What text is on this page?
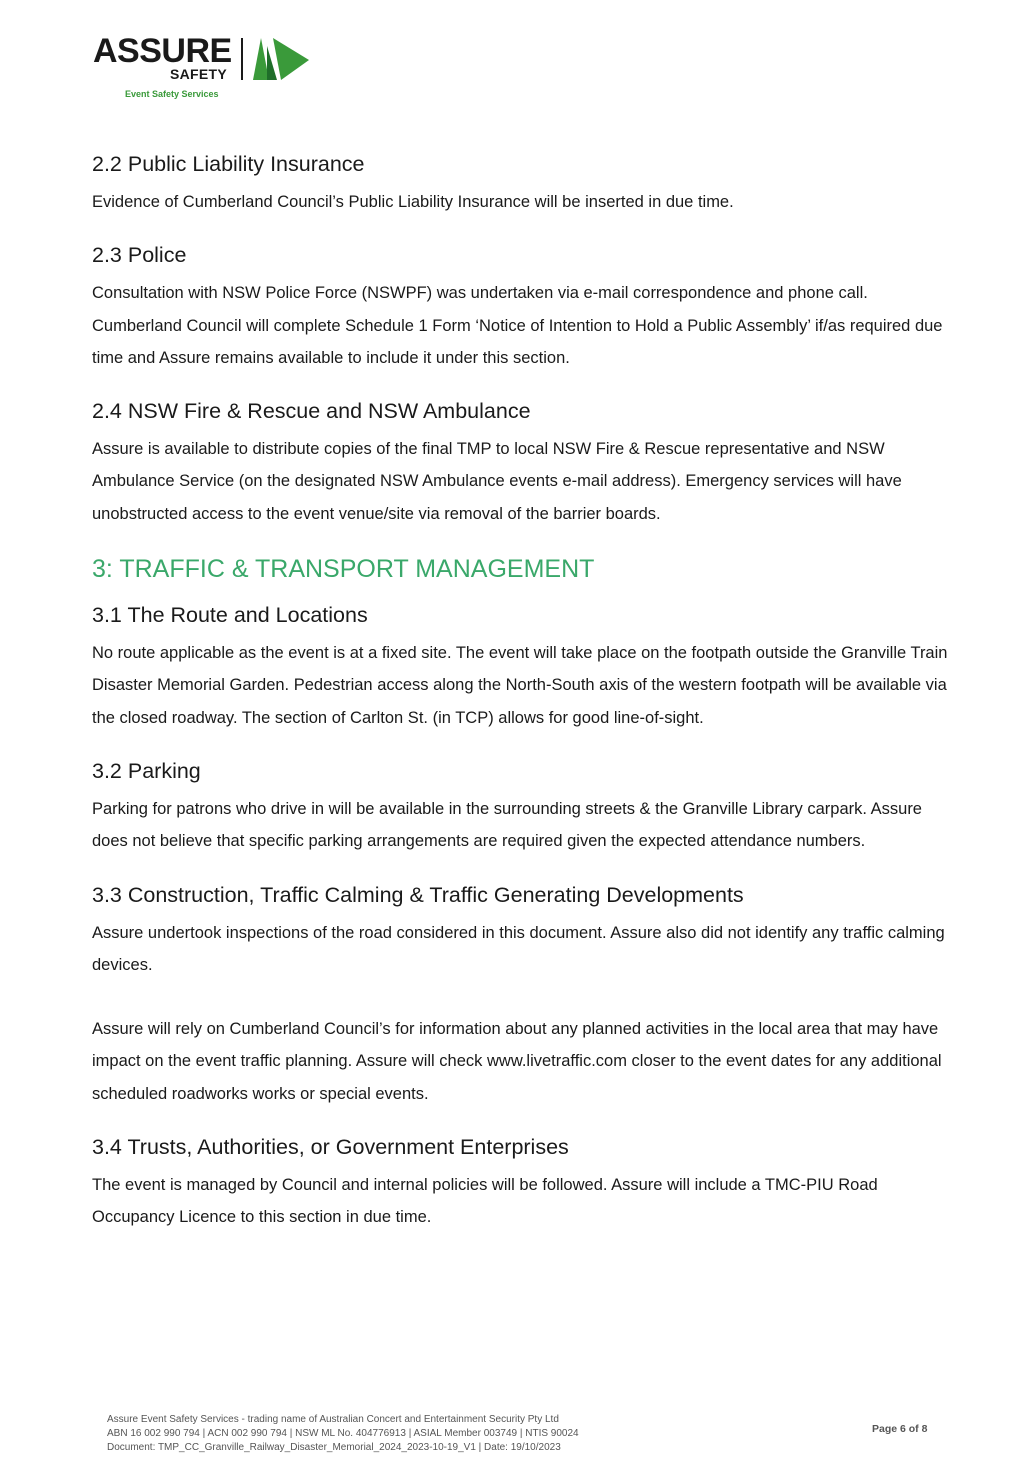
ASSURE
SAFETY
Event Safety Services
2.2 Public Liability Insurance

Evidence of Cumberland Council’s Public Liability Insurance will be inserted in due time.

2.3 Police

Consultation with NSW Police Force (NSWPF) was undertaken via e-mail correspondence and phone call. Cumberland Council will complete Schedule 1 Form ‘Notice of Intention to Hold a Public Assembly’ if/as required due time and Assure remains available to include it under this section.

2.4 NSW Fire & Rescue and NSW Ambulance

Assure is available to distribute copies of the final TMP to local NSW Fire & Rescue representative and NSW Ambulance Service (on the designated NSW Ambulance events e-mail address). Emergency services will have unobstructed access to the event venue/site via removal of the barrier boards.

3: TRAFFIC & TRANSPORT MANAGEMENT
3.1 The Route and Locations

No route applicable as the event is at a fixed site. The event will take place on the footpath outside the Granville Train Disaster Memorial Garden. Pedestrian access along the North-South axis of the western footpath will be available via the closed roadway. The section of Carlton St. (in TCP) allows for good line-of-sight.

3.2 Parking

Parking for patrons who drive in will be available in the surrounding streets & the Granville Library carpark. Assure does not believe that specific parking arrangements are required given the expected attendance numbers.

3.3 Construction, Traffic Calming & Traffic Generating Developments

Assure undertook inspections of the road considered in this document. Assure also did not identify any traffic calming devices.

Assure will rely on Cumberland Council’s for information about any planned activities in the local area that may have impact on the event traffic planning. Assure will check www.livetraffic.com closer to the event dates for any additional scheduled roadworks works or special events.

3.4 Trusts, Authorities, or Government Enterprises

The event is managed by Council and internal policies will be followed. Assure will include a TMC-PIU Road Occupancy Licence to this section in due time.

Assure Event Safety Services - trading name of Australian Concert and Entertainment Security Pty Ltd
ABN 16 002 990 794 | ACN 002 990 794 | NSW ML No. 404776913 | ASIAL Member 003749 | NTIS 90024
Document: TMP_CC_Granville_Railway_Disaster_Memorial_2024_2023-10-19_V1 | Date: 19/10/2023
Page 6 of 8
